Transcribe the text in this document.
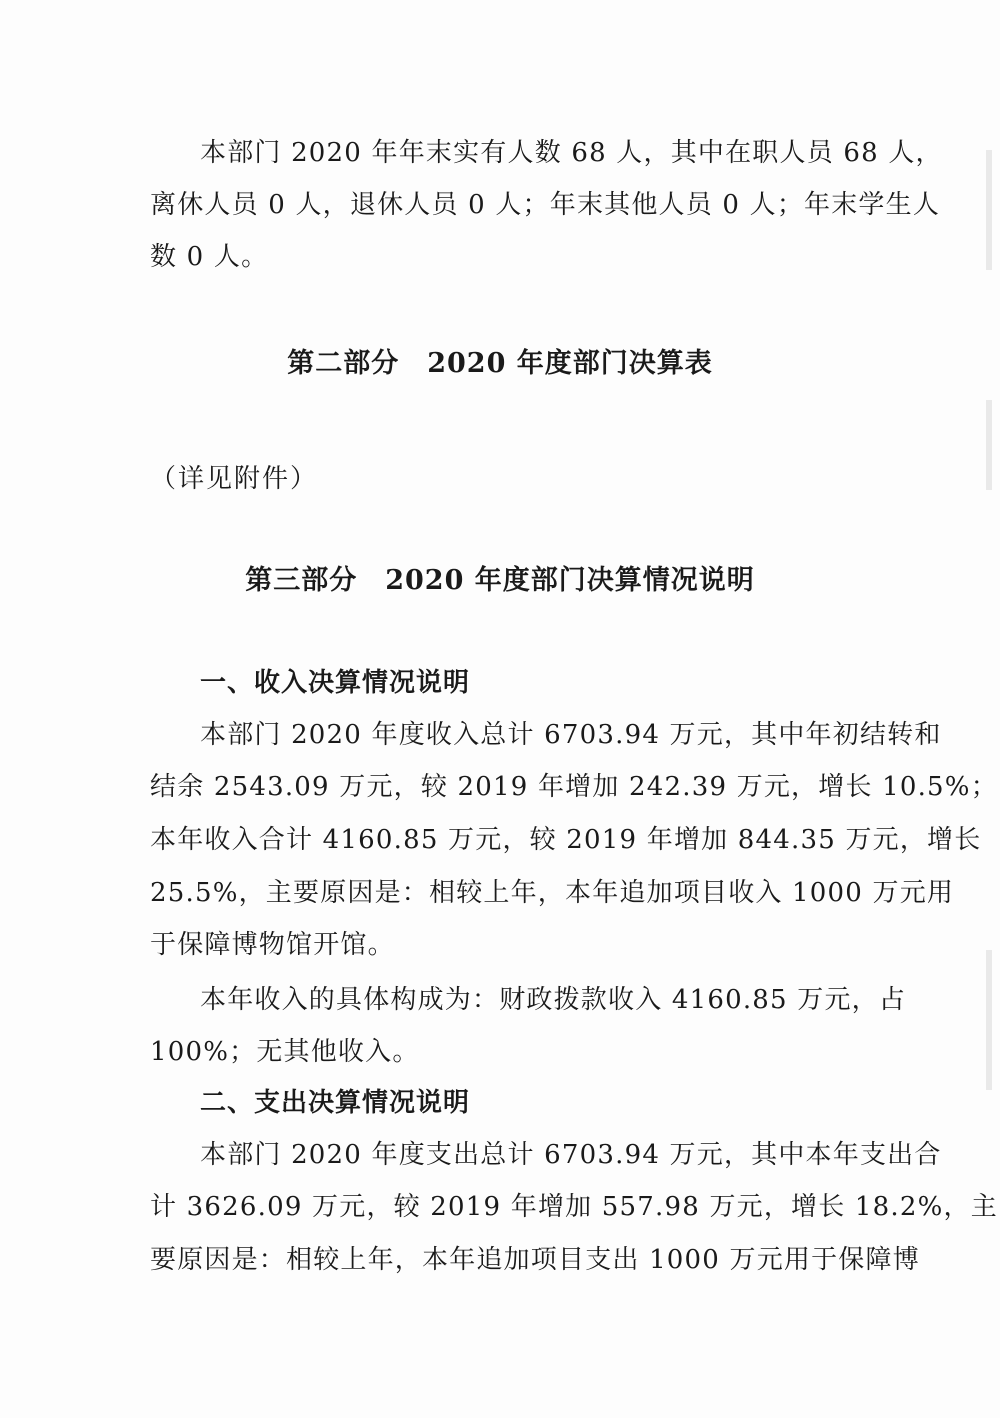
本部门 2020 年年末实有人数 68 人，其中在职人员 68 人，
离休人员 0 人，退休人员 0 人；年末其他人员 0 人；年末学生人
数 0 人。
第二部分　2020 年度部门决算表
（详见附件）
第三部分　2020 年度部门决算情况说明
一、收入决算情况说明
本部门 2020 年度收入总计 6703.94 万元，其中年初结转和
结余 2543.09 万元，较 2019 年增加 242.39 万元，增长 10.5%；
本年收入合计 4160.85 万元，较 2019 年增加 844.35 万元，增长
25.5%，主要原因是：相较上年，本年追加项目收入 1000 万元用
于保障博物馆开馆。
本年收入的具体构成为：财政拨款收入 4160.85 万元，占
100%；无其他收入。
二、支出决算情况说明
本部门 2020 年度支出总计 6703.94 万元，其中本年支出合
计 3626.09 万元，较 2019 年增加 557.98 万元，增长 18.2%，主
要原因是：相较上年，本年追加项目支出 1000 万元用于保障博
